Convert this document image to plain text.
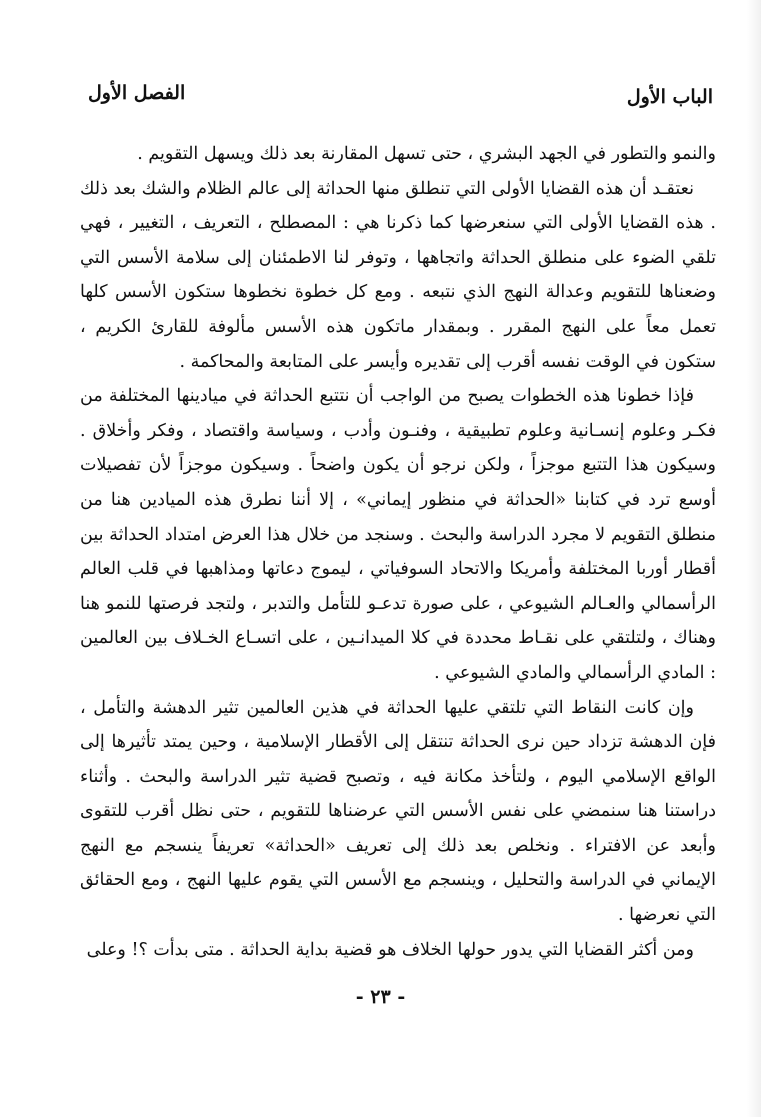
الباب الأول
الفصل الأول

والنمو والتطور في الجهد البشري ، حتى تسهل المقارنة بعد ذلك ويسهل التقويم .

نعتقـد أن هذه القضايا الأولى التي تنطلق منها الحداثة إلى عالم الظلام والشك بعد ذلك . هذه القضايا الأولى التي سنعرضها كما ذكرنا هي : المصطلح ، التعريف ، التغيير ، فهي تلقي الضوء على منطلق الحداثة واتجاهها ، وتوفر لنا الاطمئنان إلى سلامة الأسس التي وضعناها للتقويم وعدالة النهج الذي نتبعه . ومع كل خطوة نخطوها ستكون الأسس كلها تعمل معاً على النهج المقرر . وبمقدار ماتكون هذه الأسس مألوفة للقارئ الكريم ، ستكون في الوقت نفسه أقرب إلى تقديره وأيسر على المتابعة والمحاكمة .

فإذا خطونا هذه الخطوات يصبح من الواجب أن نتتبع الحداثة في ميادينها المختلفة من فكـر وعلوم إنسـانية وعلوم تطبيقية ، وفنـون وأدب ، وسياسة واقتصاد ، وفكر وأخلاق . وسيكون هذا التتبع موجزاً ، ولكن نرجو أن يكون واضحاً . وسيكون موجزاً لأن تفصيلات أوسع ترد في كتابنا «الحداثة في منظور إيماني» ، إلا أننا نطرق هذه الميادين هنا من منطلق التقويم لا مجرد الدراسة والبحث . وسنجد من خلال هذا العرض امتداد الحداثة بين أقطار أوربا المختلفة وأمريكا والاتحاد السوفياتي ، ليموج دعاتها ومذاهبها في قلب العالم الرأسمالي والعـالم الشيوعي ، على صورة تدعـو للتأمل والتدبر ، ولتجد فرصتها للنمو هنا وهناك ، ولتلتقي على نقـاط محددة في كلا الميدانـين ، على اتسـاع الخـلاف بين العالمين : المادي الرأسمالي والمادي الشيوعي .

وإن كانت النقاط التي تلتقي عليها الحداثة في هذين العالمين تثير الدهشة والتأمل ، فإن الدهشة تزداد حين نرى الحداثة تنتقل إلى الأقطار الإسلامية ، وحين يمتد تأثيرها إلى الواقع الإسلامي اليوم ، ولتأخذ مكانة فيه ، وتصبح قضية تثير الدراسة والبحث . وأثناء دراستنا هنا سنمضي على نفس الأسس التي عرضناها للتقويم ، حتى نظل أقرب للتقوى وأبعد عن الافتراء . ونخلص بعد ذلك إلى تعريف «الحداثة» تعريفاً ينسجم مع النهج الإيماني في الدراسة والتحليل ، وينسجم مع الأسس التي يقوم عليها النهج ، ومع الحقائق التي نعرضها .

ومن أكثر القضايا التي يدور حولها الخلاف هو قضية بداية الحداثة . متى بدأت ؟! وعلى

- ٢٣ -
